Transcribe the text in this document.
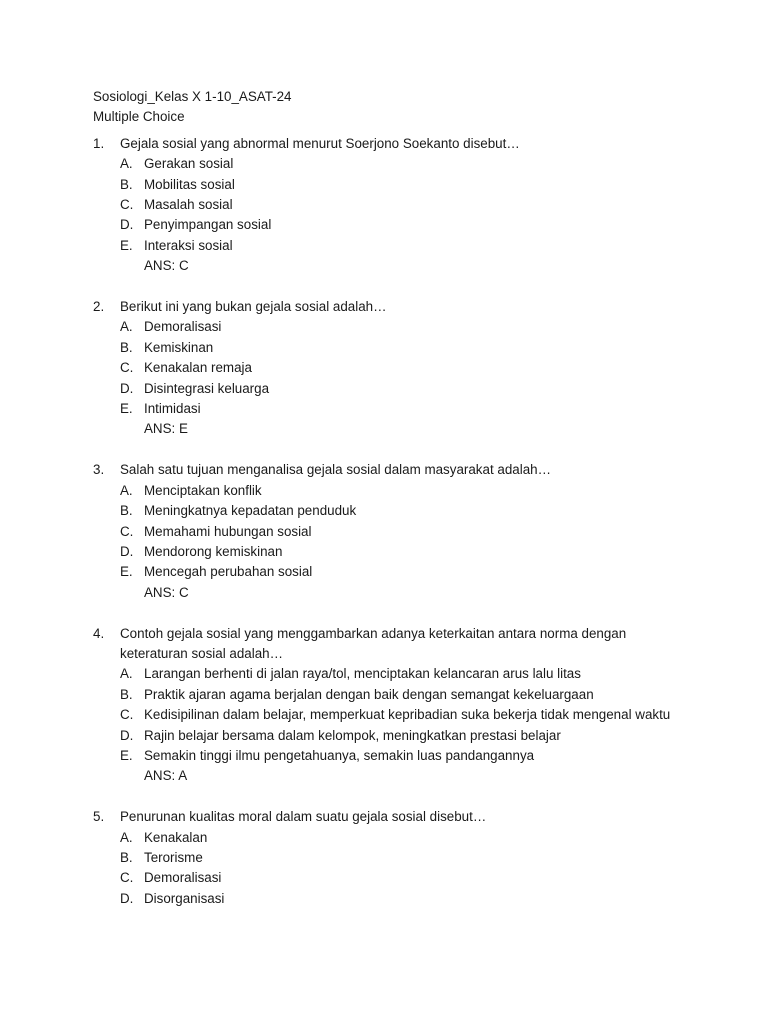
Sosiologi_Kelas X 1-10_ASAT-24
Multiple Choice
1.	Gejala sosial yang abnormal menurut Soerjono Soekanto disebut…
A. Gerakan sosial
B. Mobilitas sosial
C. Masalah sosial
D. Penyimpangan sosial
E. Interaksi sosial
ANS: C
2.	Berikut ini yang bukan gejala sosial adalah…
A. Demoralisasi
B. Kemiskinan
C. Kenakalan remaja
D. Disintegrasi keluarga
E. Intimidasi
ANS: E
3.	Salah satu tujuan menganalisa gejala sosial dalam masyarakat adalah…
A. Menciptakan konflik
B. Meningkatnya kepadatan penduduk
C. Memahami hubungan sosial
D. Mendorong kemiskinan
E. Mencegah perubahan sosial
ANS: C
4.	Contoh gejala sosial yang menggambarkan adanya keterkaitan antara norma dengan keteraturan sosial adalah…
A. Larangan berhenti di jalan raya/tol, menciptakan kelancaran arus lalu litas
B. Praktik ajaran agama berjalan dengan baik dengan semangat kekeluargaan
C. Kedisipilinan dalam belajar, memperkuat kepribadian suka bekerja tidak mengenal waktu
D. Rajin belajar bersama dalam kelompok, meningkatkan prestasi belajar
E. Semakin tinggi ilmu pengetahuanya, semakin luas pandangannya
ANS: A
5.	Penurunan kualitas moral dalam suatu gejala sosial disebut…
A. Kenakalan
B. Terorisme
C. Demoralisasi
D. Disorganisasi
